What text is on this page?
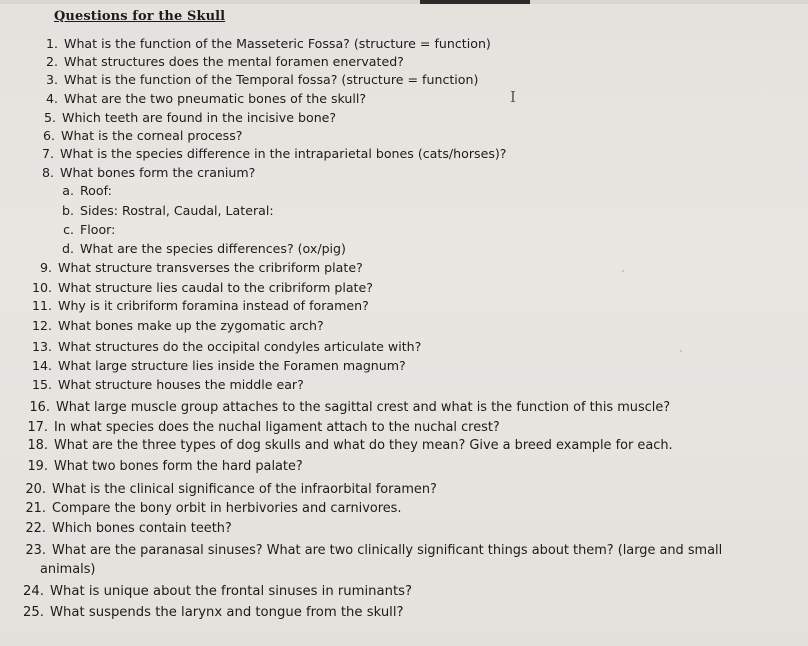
Questions for the Skull
1. What is the function of the Masseteric Fossa? (structure = function)
2. What structures does the mental foramen enervated?
3. What is the function of the Temporal fossa? (structure = function)
4. What are the two pneumatic bones of the skull?
5. Which teeth are found in the incisive bone?
6. What is the corneal process?
7. What is the species difference in the intraparietal bones (cats/horses)?
8. What bones form the cranium?
a. Roof:
b. Sides: Rostral, Caudal, Lateral:
c. Floor:
d. What are the species differences? (ox/pig)
9. What structure transverses the cribriform plate?
10. What structure lies caudal to the cribriform plate?
11. Why is it cribriform foramina instead of foramen?
12. What bones make up the zygomatic arch?
13. What structures do the occipital condyles articulate with?
14. What large structure lies inside the Foramen magnum?
15. What structure houses the middle ear?
16. What large muscle group attaches to the sagittal crest and what is the function of this muscle?
17. In what species does the nuchal ligament attach to the nuchal crest?
18. What are the three types of dog skulls and what do they mean? Give a breed example for each.
19. What two bones form the hard palate?
20. What is the clinical significance of the infraorbital foramen?
21. Compare the bony orbit in herbivories and carnivores.
22. Which bones contain teeth?
23. What are the paranasal sinuses? What are two clinically significant things about them? (large and small
animals)
24. What is unique about the frontal sinuses in ruminants?
25. What suspends the larynx and tongue from the skull?
I
